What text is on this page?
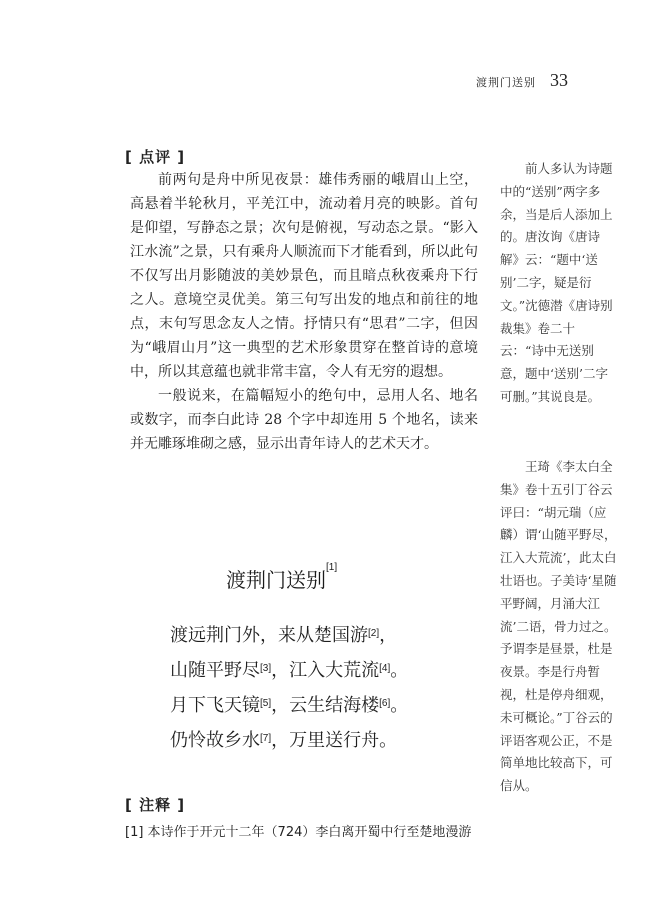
渡荆门送别 33
[ 点评 ]

前两句是舟中所见夜景：雄伟秀丽的峨眉山上空，高悬着半轮秋月，平羌江中，流动着月亮的映影。首句是仰望，写静态之景；次句是俯视，写动态之景。“影入江水流”之景，只有乘舟人顺流而下才能看到，所以此句不仅写出月影随波的美妙景色，而且暗点秋夜乘舟下行之人。意境空灵优美。第三句写出发的地点和前往的地点，末句写思念友人之情。抒情只有“思君”二字，但因为“峨眉山月”这一典型的艺术形象贯穿在整首诗的意境中，所以其意蕴也就非常丰富，令人有无穷的遐想。

一般说来，在篇幅短小的绝句中，忌用人名、地名或数字，而李白此诗 28 个字中却连用 5 个地名，读来并无雕琢堆砌之感，显示出青年诗人的艺术天才。

渡荆门送别[1]
渡远荆门外，来从楚国游[2]，
山随平野尽[3]，江入大荒流[4]。
月下飞天镜[5]，云生结海楼[6]。
仍怜故乡水[7]，万里送行舟。
[ 注释 ]
[1] 本诗作于开元十二年（724）李白离开蜀中行至楚地漫游

前人多认为诗题中的“送别”两字多余，当是后人添加上的。唐汝询《唐诗解》云：“题中‘送别’二字，疑是衍文。”沈德潜《唐诗别裁集》卷二十云：“诗中无送别意，题中‘送别’二字可删。”其说良是。

王琦《李太白全集》卷十五引丁谷云评曰：“胡元瑞（应麟）谓‘山随平野尽，江入大荒流’，此太白壮语也。子美诗‘星随平野阔，月涌大江流’二语，骨力过之。予谓李是昼景，杜是夜景。李是行舟暂视，杜是停舟细观，未可概论。”丁谷云的评语客观公正，不是简单地比较高下，可信从。
